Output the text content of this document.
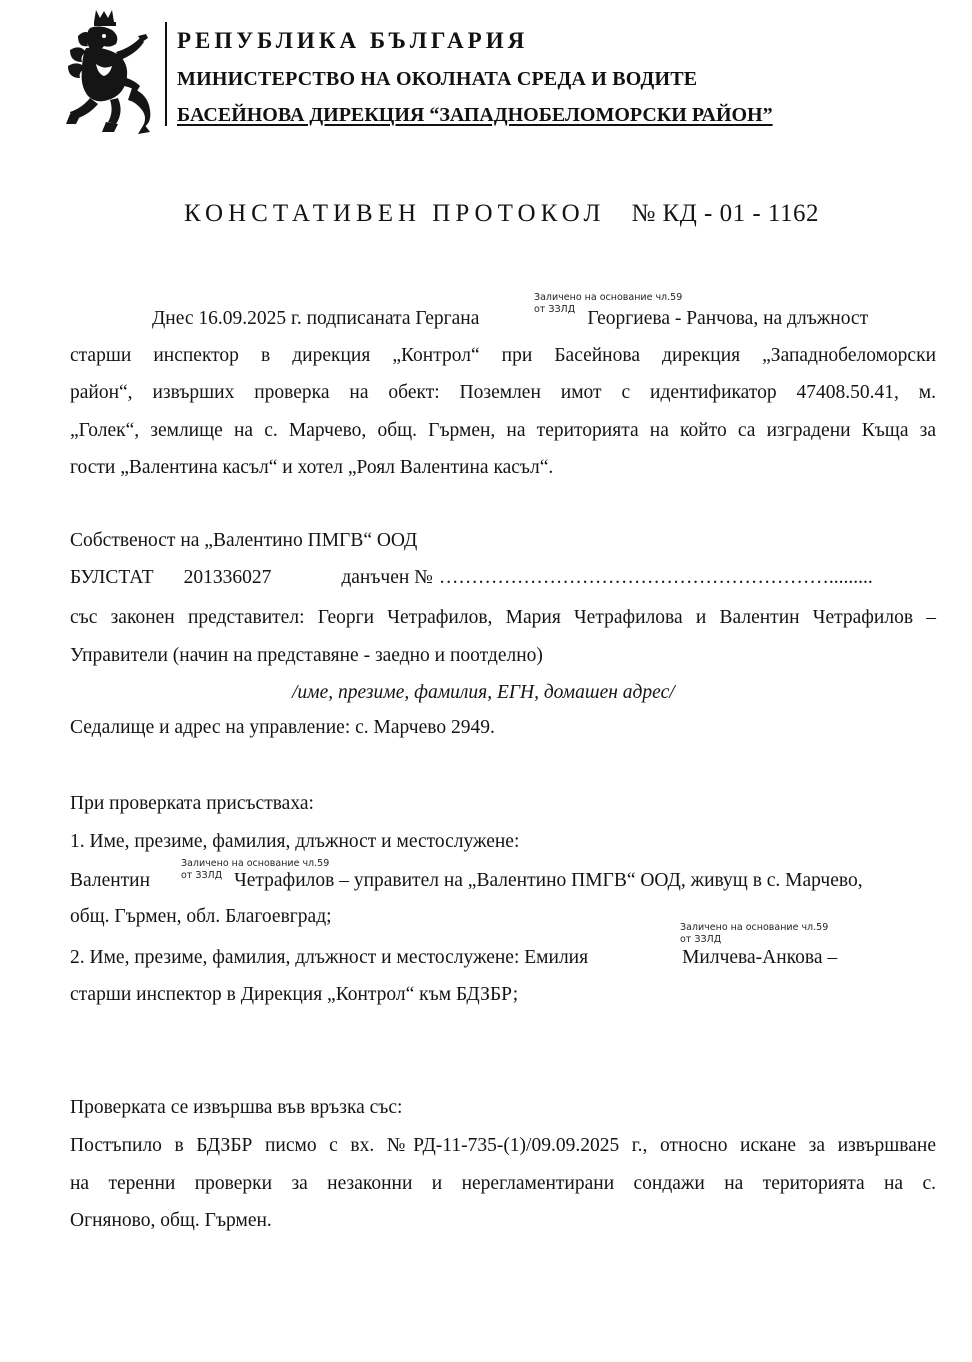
РЕПУБЛИКА БЪЛГАРИЯ
МИНИСТЕРСТВО НА ОКОЛНАТА СРЕДА И ВОДИТЕ
БАСЕЙНОВА ДИРЕКЦИЯ “ЗАПАДНОБЕЛОМОРСКИ РАЙОН”
КОНСТАТИВЕН ПРОТОКОЛ № КД - 01 - 1162
Днес 16.09.2025 г. подписаната Гергана	Георгиева - Ранчова, на длъжност
Заличено на основание чл.59
от ЗЗЛД
старши инспектор в дирекция „Контрол“ при Басейнова дирекция „Западнобеломорски
район“, извърших проверка на обект: Поземлен имот с идентификатор 47408.50.41, м.
„Голек“, землище на с. Марчево, общ. Гърмен, на територията на който са изградени Къща за
гости „Валентина касъл“ и хотел „Роял Валентина касъл“.
Собственост на „Валентино ПМГВ“ ООД
БУЛСТАТ 201336027	данъчен № …………………………………………………….........
със законен представител: Георги Четрафилов, Мария Четрафилова и Валентин Четрафилов –
Управители (начин на представяне - заедно и поотделно)
/име, презиме, фамилия, ЕГН, домашен адрес/
Седалище и адрес на управление: с. Марчево 2949.
При проверката присъстваха:
1. Име, презиме, фамилия, длъжност и местослужене:
Валентин	Четрафилов – управител на „Валентино ПМГВ“ ООД, живущ в с. Марчево,
Заличено на основание чл.59
от ЗЗЛД
общ. Гърмен, обл. Благоевград;
2. Име, презиме, фамилия, длъжност и местослужене: Емилия	Милчева-Анкова –
Заличено на основание чл.59
от ЗЗЛД
старши инспектор в Дирекция „Контрол“ към БДЗБР;
Проверката се извършва във връзка със:
Постъпило в БДЗБР писмо с вх. №РД-11-735-(1)/09.09.2025 г., относно искане за извършване
на теренни проверки за незаконни и нерегламентирани сондажи на територията на с.
Огняново, общ. Гърмен.
